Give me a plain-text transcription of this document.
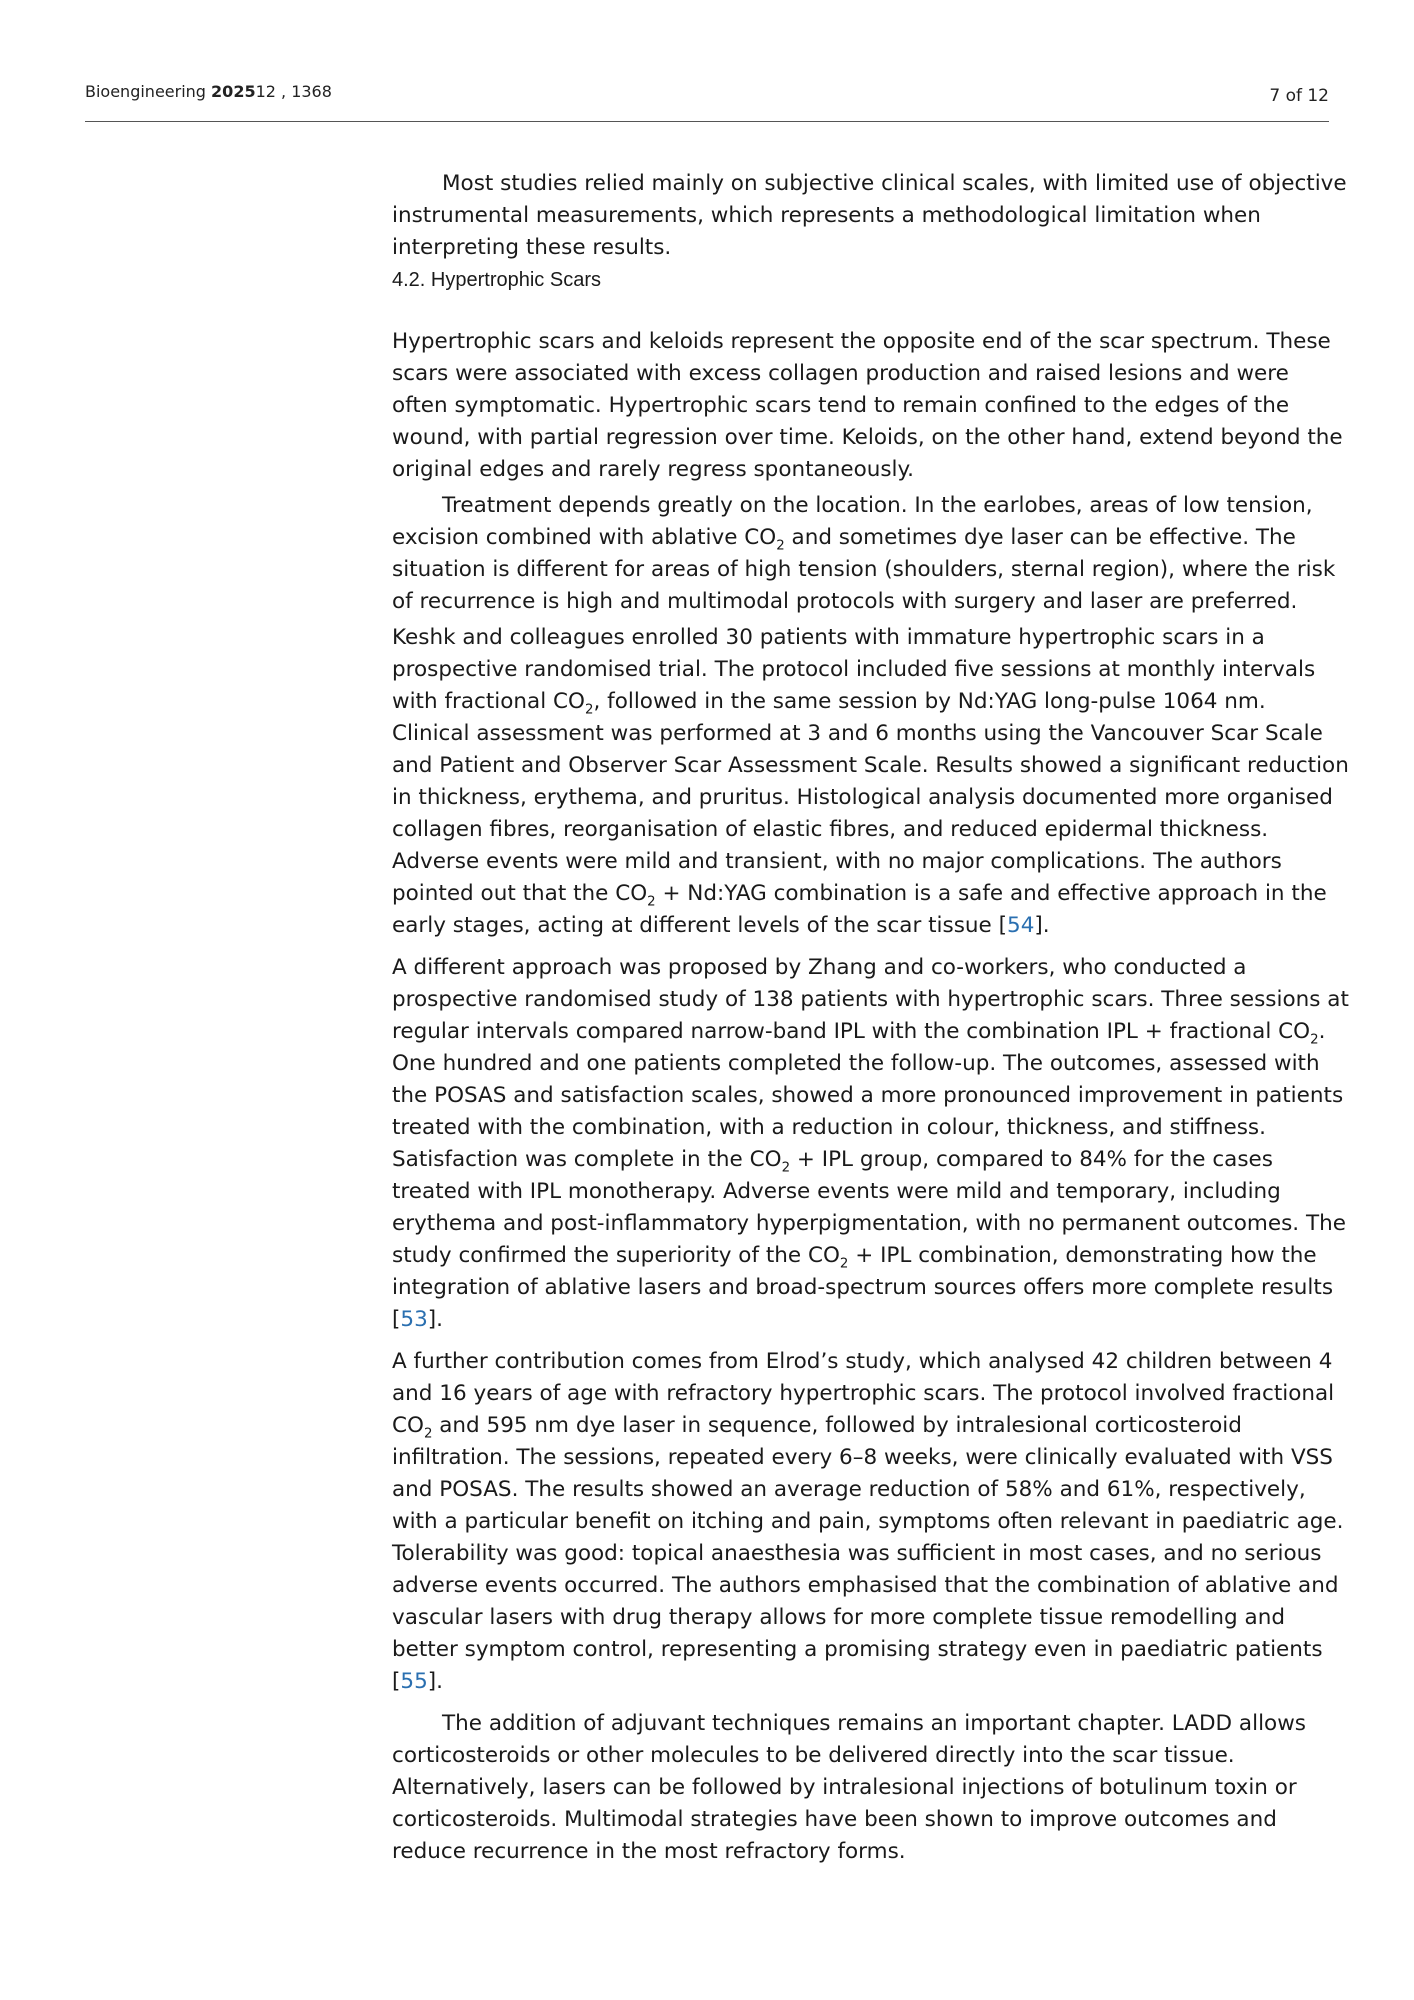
Bioengineering 202512 , 1368	7 of 12

Most studies relied mainly on subjective clinical scales, with limited use of objective instrumental measurements, which represents a methodological limitation when interpreting these results.

4.2. Hypertrophic Scars

Hypertrophic scars and keloids represent the opposite end of the scar spectrum. These scars were associated with excess collagen production and raised lesions and were often symptomatic. Hypertrophic scars tend to remain confined to the edges of the wound, with partial regression over time. Keloids, on the other hand, extend beyond the original edges and rarely regress spontaneously.

Treatment depends greatly on the location. In the earlobes, areas of low tension, excision combined with ablative $CO_2$ and sometimes dye laser can be effective. The situation is different for areas of high tension (shoulders, sternal region), where the risk of recurrence is high and multimodal protocols with surgery and laser are preferred.

Keshk and colleagues enrolled 30 patients with immature hypertrophic scars in a prospective randomised trial. The protocol included five sessions at monthly intervals with fractional $CO_2$, followed in the same session by Nd:YAG long-pulse 1064 nm. Clinical assessment was performed at 3 and 6 months using the Vancouver Scar Scale and Patient and Observer Scar Assessment Scale. Results showed a significant reduction in thickness, erythema, and pruritus. Histological analysis documented more organised collagen fibres, reorganisation of elastic fibres, and reduced epidermal thickness. Adverse events were mild and transient, with no major complications. The authors pointed out that the $CO_2$ + Nd:YAG combination is a safe and effective approach in the early stages, acting at different levels of the scar tissue [54].

A different approach was proposed by Zhang and co-workers, who conducted a prospective randomised study of 138 patients with hypertrophic scars. Three sessions at regular intervals compared narrow-band IPL with the combination IPL + fractional $CO_2$. One hundred and one patients completed the follow-up. The outcomes, assessed with the POSAS and satisfaction scales, showed a more pronounced improvement in patients treated with the combination, with a reduction in colour, thickness, and stiffness. Satisfaction was complete in the $CO_2$ + IPL group, compared to 84% for the cases treated with IPL monotherapy. Adverse events were mild and temporary, including erythema and post-inflammatory hyperpigmentation, with no permanent outcomes. The study confirmed the superiority of the $CO_2$ + IPL combination, demonstrating how the integration of ablative lasers and broad-spectrum sources offers more complete results [53].

A further contribution comes from Elrod’s study, which analysed 42 children between 4 and 16 years of age with refractory hypertrophic scars. The protocol involved fractional $CO_2$ and 595 nm dye laser in sequence, followed by intralesional corticosteroid infiltration. The sessions, repeated every 6–8 weeks, were clinically evaluated with VSS and POSAS. The results showed an average reduction of 58% and 61%, respectively, with a particular benefit on itching and pain, symptoms often relevant in paediatric age. Tolerability was good: topical anaesthesia was sufficient in most cases, and no serious adverse events occurred. The authors emphasised that the combination of ablative and vascular lasers with drug therapy allows for more complete tissue remodelling and better symptom control, representing a promising strategy even in paediatric patients [55].

The addition of adjuvant techniques remains an important chapter. LADD allows corticosteroids or other molecules to be delivered directly into the scar tissue. Alternatively, lasers can be followed by intralesional injections of botulinum toxin or corticosteroids. Multimodal strategies have been shown to improve outcomes and reduce recurrence in the most refractory forms.
